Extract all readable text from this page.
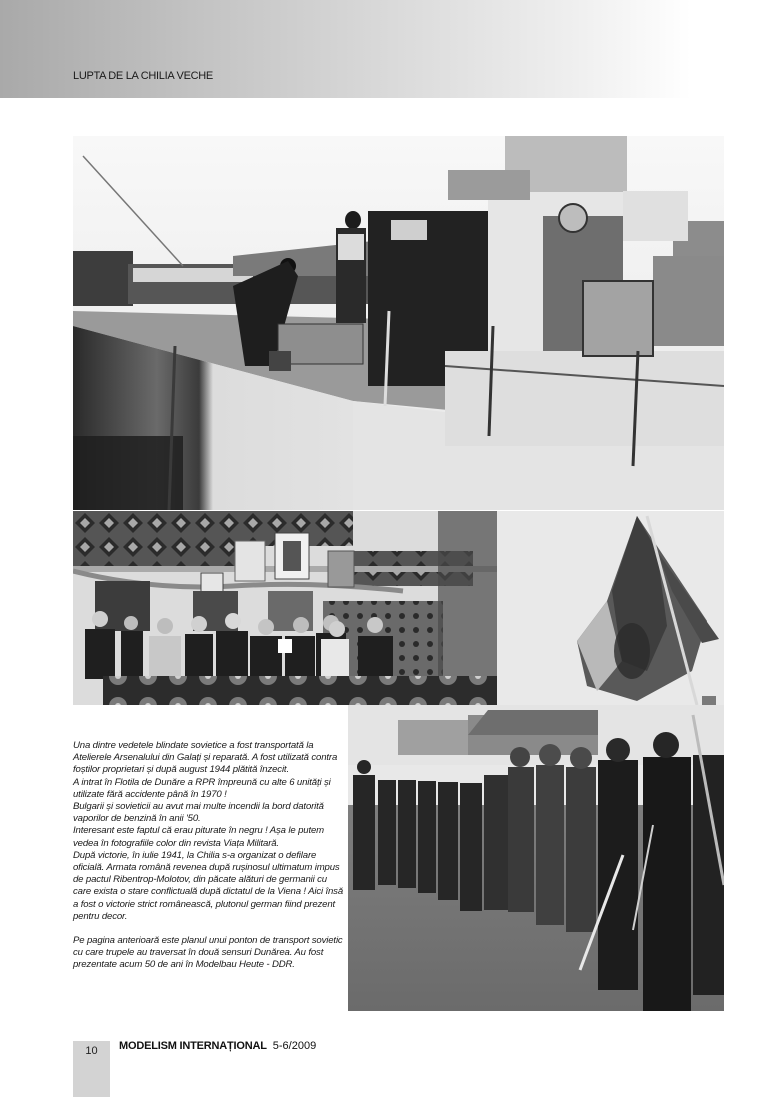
LUPTA DE LA CHILIA VECHE

Una dintre vedetele blindate sovietice a fost transportată la Atelierele Arsenalului din Galați și reparată. A fost utilizată contra foștilor proprietari și după august 1944 plătită înzecit.

A intrat în Flotila de Dunăre a RPR împreună cu alte 6 unități și utilizate fără accidente până în 1970 !

Bulgarii și sovieticii au avut mai multe incendii la bord datorită vaporilor de benzină în anii '50.

Interesant este faptul că erau piturate în negru ! Așa le putem vedea în fotografiile color din revista Viața Militară.

După victorie, în iulie 1941, la Chilia s-a organizat o defilare oficială. Armata română revenea după rușinosul ultimatum impus de pactul Ribentrop-Molotov, din păcate alături de germanii cu care exista o stare conflictuală după dictatul de la Viena ! Aici însă a fost o victorie strict românească, plutonul german fiind prezent pentru decor.

Pe pagina anterioară este planul unui ponton de transport sovietic cu care trupele au traversat în două sensuri Dunărea. Au fost prezentate acum 50 de ani în Modelbau Heute - DDR.

10	MODELISM INTERNAȚIONAL 5-6/2009
